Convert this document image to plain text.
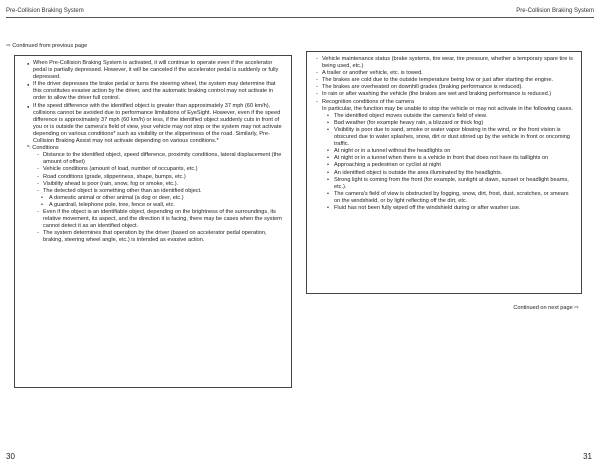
Pre-Collision Braking System
⇨ Continued from previous page
● When Pre-Collision Braking System is activated, it will continue to operate even if the accelerator pedal is partially depressed. However, it will be canceled if the accelerator pedal is suddenly or fully depressed.
● If the driver depresses the brake pedal or turns the steering wheel, the system may determine that this constitutes evasive action by the driver, and the automatic braking control may not activate in order to allow the driver full control.
● If the speed difference with the identified object is greater than approximately 37 mph (60 km/h), collisions cannot be avoided due to performance limitations of EyeSight. However, even if the speed difference is approximately 37 mph (60 km/h) or less, if the identified object suddenly cuts in front of you or is outside the camera's field of view, your vehicle may not stop or the system may not activate depending on various conditions* such as visibility or the slipperiness of the road. Similarly, Pre-Collision Braking Assist may not activate depending on various conditions.*
*: Conditions
- Distance to the identified object, speed difference, proximity conditions, lateral displacement (the amount of offset)
- Vehicle conditions (amount of load, number of occupants, etc.)
- Road conditions (grade, slipperiness, shape, bumps, etc.)
- Visibility ahead is poor (rain, snow, fog or smoke, etc.).
- The detected object is something other than an identified object.
• A domestic animal or other animal (a dog or deer, etc.)
• A guardrail, telephone pole, tree, fence or wall, etc.
- Even if the object is an identifiable object, depending on the brightness of the surroundings, its relative movement, its aspect, and the direction it is facing, there may be cases when the system cannot detect it as an identified object.
- The system determines that operation by the driver (based on accelerator pedal operation, braking, steering wheel angle, etc.) is intended as evasive action.
30
Pre-Collision Braking System
- Vehicle maintenance status (brake systems, tire wear, tire pressure, whether a temporary spare tire is being used, etc.)
- A trailer or another vehicle, etc. is towed.
- The brakes are cold due to the outside temperature being low or just after starting the engine.
- The brakes are overheated on downhill grades (braking performance is reduced).
- In rain or after washing the vehicle (the brakes are wet and braking performance is reduced.)
- Recognition conditions of the camera
In particular, the function may be unable to stop the vehicle or may not activate in the following cases.
• The identified object moves outside the camera's field of view.
• Bad weather (for example heavy rain, a blizzard or thick fog)
• Visibility is poor due to sand, smoke or water vapor blowing in the wind, or the front vision is obscured due to water splashes, snow, dirt or dust stirred up by the vehicle in front or oncoming traffic.
• At night or in a tunnel without the headlights on
• At night or in a tunnel when there is a vehicle in front that does not have its taillights on
• Approaching a pedestrian or cyclist at night
• An identified object is outside the area illuminated by the headlights.
• Strong light is coming from the front (for example, sunlight at dawn, sunset or headlight beams, etc.).
• The camera's field of view is obstructed by fogging, snow, dirt, frost, dust, scratches, or smears on the windshield, or by light reflecting off the dirt, etc.
• Fluid has not been fully wiped off the windshield during or after washer use.
Continued on next page ⇨
31
